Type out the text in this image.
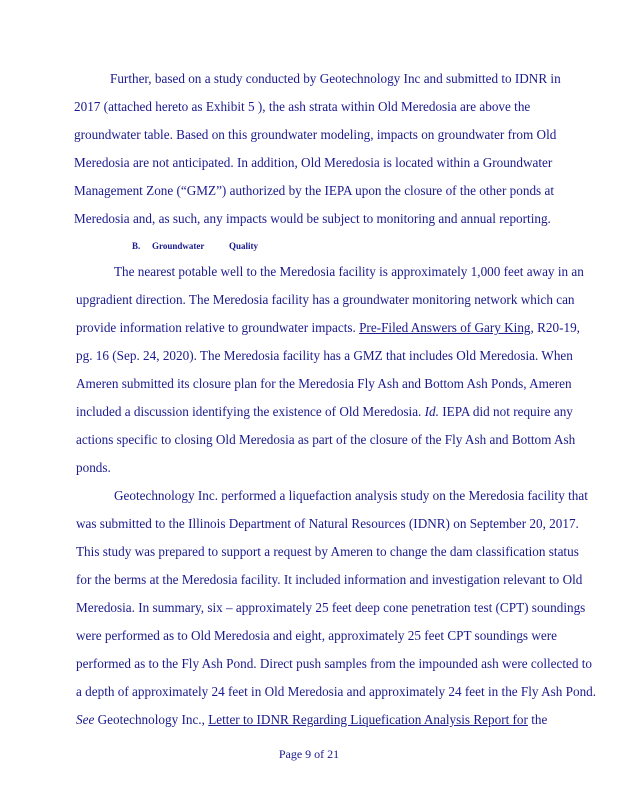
Further, based on a study conducted by Geotechnology Inc and submitted to IDNR in
2017 (attached hereto as Exhibit 5 ), the ash strata within Old Meredosia are above the
groundwater table. Based on this groundwater modeling, impacts on groundwater from Old
Meredosia are not anticipated. In addition, Old Meredosia is located within a Groundwater
Management Zone (“GMZ”) authorized by the IEPA upon the closure of the other ponds at
Meredosia and, as such, any impacts would be subject to monitoring and annual reporting.
B. Groundwater	Quality
The nearest potable well to the Meredosia facility is approximately 1,000 feet away in an
upgradient direction. The Meredosia facility has a groundwater monitoring network which can
provide information relative to groundwater impacts. Pre-Filed Answers of Gary King, R20-19,
pg. 16 (Sep. 24, 2020). The Meredosia facility has a GMZ that includes Old Meredosia. When
Ameren submitted its closure plan for the Meredosia Fly Ash and Bottom Ash Ponds, Ameren
included a discussion identifying the existence of Old Meredosia. Id. IEPA did not require any
actions specific to closing Old Meredosia as part of the closure of the Fly Ash and Bottom Ash
ponds.
Geotechnology Inc. performed a liquefaction analysis study on the Meredosia facility that
was submitted to the Illinois Department of Natural Resources (IDNR) on September 20, 2017.
This study was prepared to support a request by Ameren to change the dam classification status
for the berms at the Meredosia facility. It included information and investigation relevant to Old
Meredosia. In summary, six – approximately 25 feet deep cone penetration test (CPT) soundings
were performed as to Old Meredosia and eight, approximately 25 feet CPT soundings were
performed as to the Fly Ash Pond. Direct push samples from the impounded ash were collected to
a depth of approximately 24 feet in Old Meredosia and approximately 24 feet in the Fly Ash Pond.
See Geotechnology Inc., Letter to IDNR Regarding Liquefication Analysis Report for the
Page 9 of 21
